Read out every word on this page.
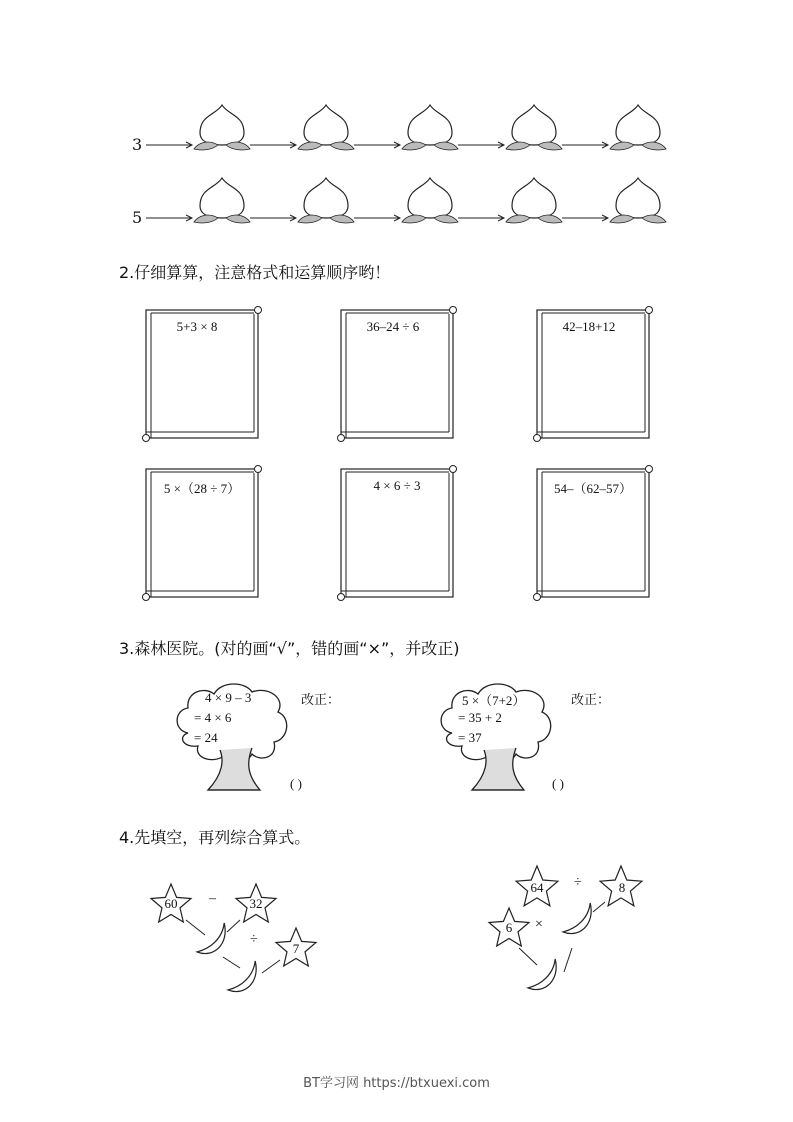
3
5
2.仔细算算，注意格式和运算顺序哟！
5+3 × 8	36–24 ÷ 6	42–18+12
5 ×（28 ÷ 7）	4 × 6 ÷ 3	54–（62–57）
3.森林医院。(对的画“√”，错的画“×”，并改正)
4 × 9 – 3
= 4 × 6
= 24
改正：
( )
5 ×（7+2）
= 35 + 2
= 37
改正：
( )
4.先填空，再列综合算式。
60	–	32
÷
7
64	÷	8
6	×
BT学习网 https://btxuexi.com
